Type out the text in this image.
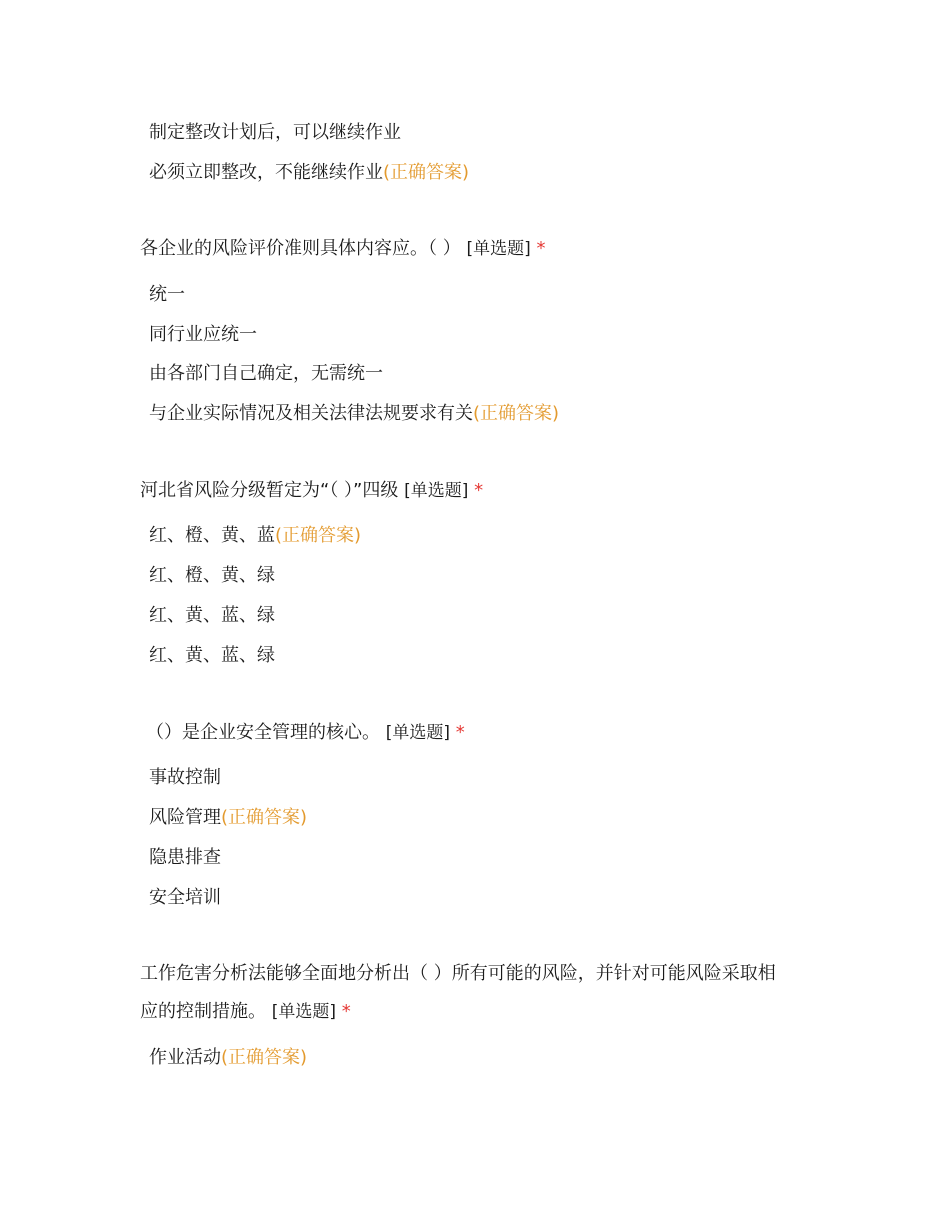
制定整改计划后，可以继续作业
必须立即整改，不能继续作业(正确答案)
各企业的风险评价准则具体内容应。（ ） [单选题] *
统一
同行业应统一
由各部门自己确定，无需统一
与企业实际情况及相关法律法规要求有关(正确答案)
河北省风险分级暂定为“（ ）”四级 [单选题] *
红、橙、黄、蓝(正确答案)
红、橙、黄、绿
红、黄、蓝、绿
红、黄、蓝、绿
（）是企业安全管理的核心。 [单选题] *
事故控制
风险管理(正确答案)
隐患排查
安全培训
工作危害分析法能够全面地分析出（ ）所有可能的风险，并针对可能风险采取相
应的控制措施。 [单选题] *
作业活动(正确答案)
